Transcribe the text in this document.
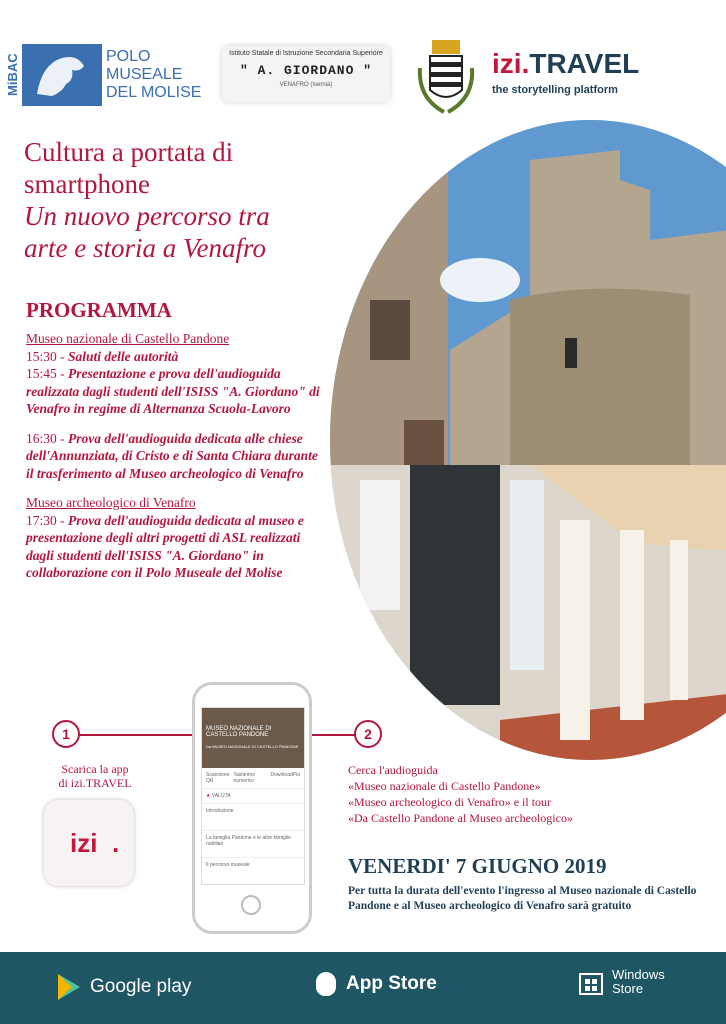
MiBAC	POLO
MUSEALE
DEL MOLISE
Istituto Statale di Istruzione Secondaria Superiore
" A. GIORDANO "
VENAFRO (Isernia)
izi.TRAVEL
the storytelling platform
Cultura a portata di
smartphone
Un nuovo percorso tra
arte e storia a Venafro
PROGRAMMA

Museo nazionale di Castello Pandone

15:30 - Saluti delle autorità

15:45 - Presentazione e prova dell'audioguida realizzata dagli studenti dell'ISISS "A. Giordano" di Venafro in regime di Alternanza Scuola-Lavoro

16:30 - Prova dell'audioguida dedicata alle chiese dell'Annunziata, di Cristo e di Santa Chiara durante il trasferimento al Museo archeologico di Venafro

Museo archeologico di Venafro

17:30 - Prova dell'audioguida dedicata al museo e presentazione degli altri progetti di ASL realizzati dagli studenti dell'ISISS "A. Giordano" in collaborazione con il Polo Museale del Molise

1	2
Scarica la app
di izi.TRAVEL
izi .
Cerca l'audioguida
«Museo nazionale di Castello Pandone»
«Museo archeologico di Venafro» e il tour
«Da Castello Pandone al Museo archeologico»
MUSEO NAZIONALE DI CASTELLO PANDONE
Da MUSEO NAZIONALE DI CASTELLO PANDONE
Scansione QR
Tastierino numerico
Download Più
★ VALUTA
Introduzione
La famiglia Pandone e le altre famiglie nobiliari
Il percorso museale	VENERDI' 7 GIUGNO 2019
Per tutta la durata dell'evento l'ingresso al Museo nazionale di Castello Pandone e al Museo archeologico di Venafro sarà gratuito
Google play	App Store	Windows
Store
